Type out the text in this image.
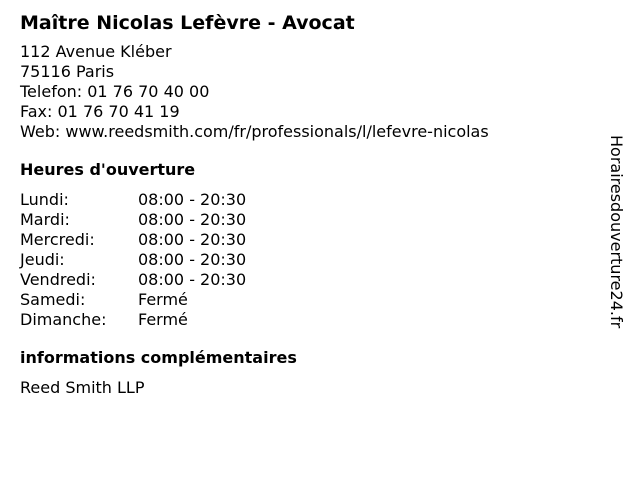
Maître Nicolas Lefèvre - Avocat
112 Avenue Kléber
75116 Paris
Telefon: 01 76 70 40 00
Fax: 01 76 70 41 19
Web: www.reedsmith.com/fr/professionals/l/lefevre-nicolas
Heures d'ouverture
Lundi:	08:00 - 20:30
Mardi:	08:00 - 20:30
Mercredi:	08:00 - 20:30
Jeudi:	08:00 - 20:30
Vendredi:	08:00 - 20:30
Samedi:	Fermé
Dimanche:	Fermé
informations complémentaires
Reed Smith LLP
Horairesdouverture24.fr
